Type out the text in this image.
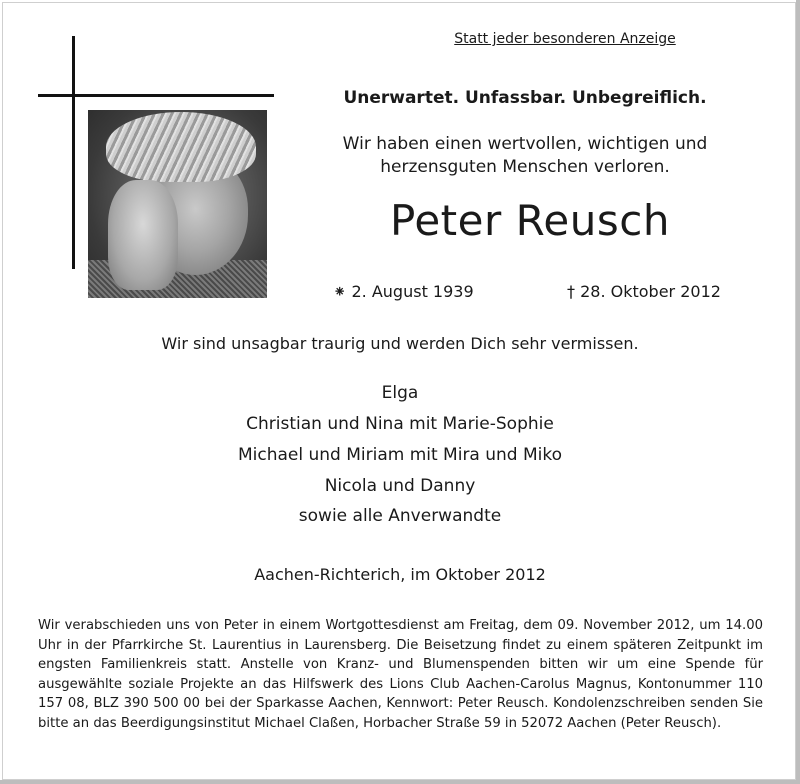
Statt jeder besonderen Anzeige
Unerwartet. Unfassbar. Unbegreiflich.
Wir haben einen wertvollen, wichtigen und herzensguten Menschen verloren.
Peter Reusch
⁕ 2. August 1939	† 28. Oktober 2012
Wir sind unsagbar traurig und werden Dich sehr vermissen.
Elga
Christian und Nina mit Marie-Sophie
Michael und Miriam mit Mira und Miko
Nicola und Danny
sowie alle Anverwandte
Aachen-Richterich, im Oktober 2012
Wir verabschieden uns von Peter in einem Wortgottesdienst am Freitag, dem 09. November 2012, um 14.00 Uhr in der Pfarrkirche St. Laurentius in Laurensberg. Die Beisetzung findet zu einem späteren Zeitpunkt im engsten Familienkreis statt. Anstelle von Kranz- und Blumenspenden bitten wir um eine Spende für ausgewählte soziale Projekte an das Hilfswerk des Lions Club Aachen-Carolus Magnus, Kontonummer 110 157 08, BLZ 390 500 00 bei der Sparkasse Aachen, Kennwort: Peter Reusch. Kondolenzschreiben senden Sie bitte an das Beerdigungsinstitut Michael Claßen, Horbacher Straße 59 in 52072 Aachen (Peter Reusch).
